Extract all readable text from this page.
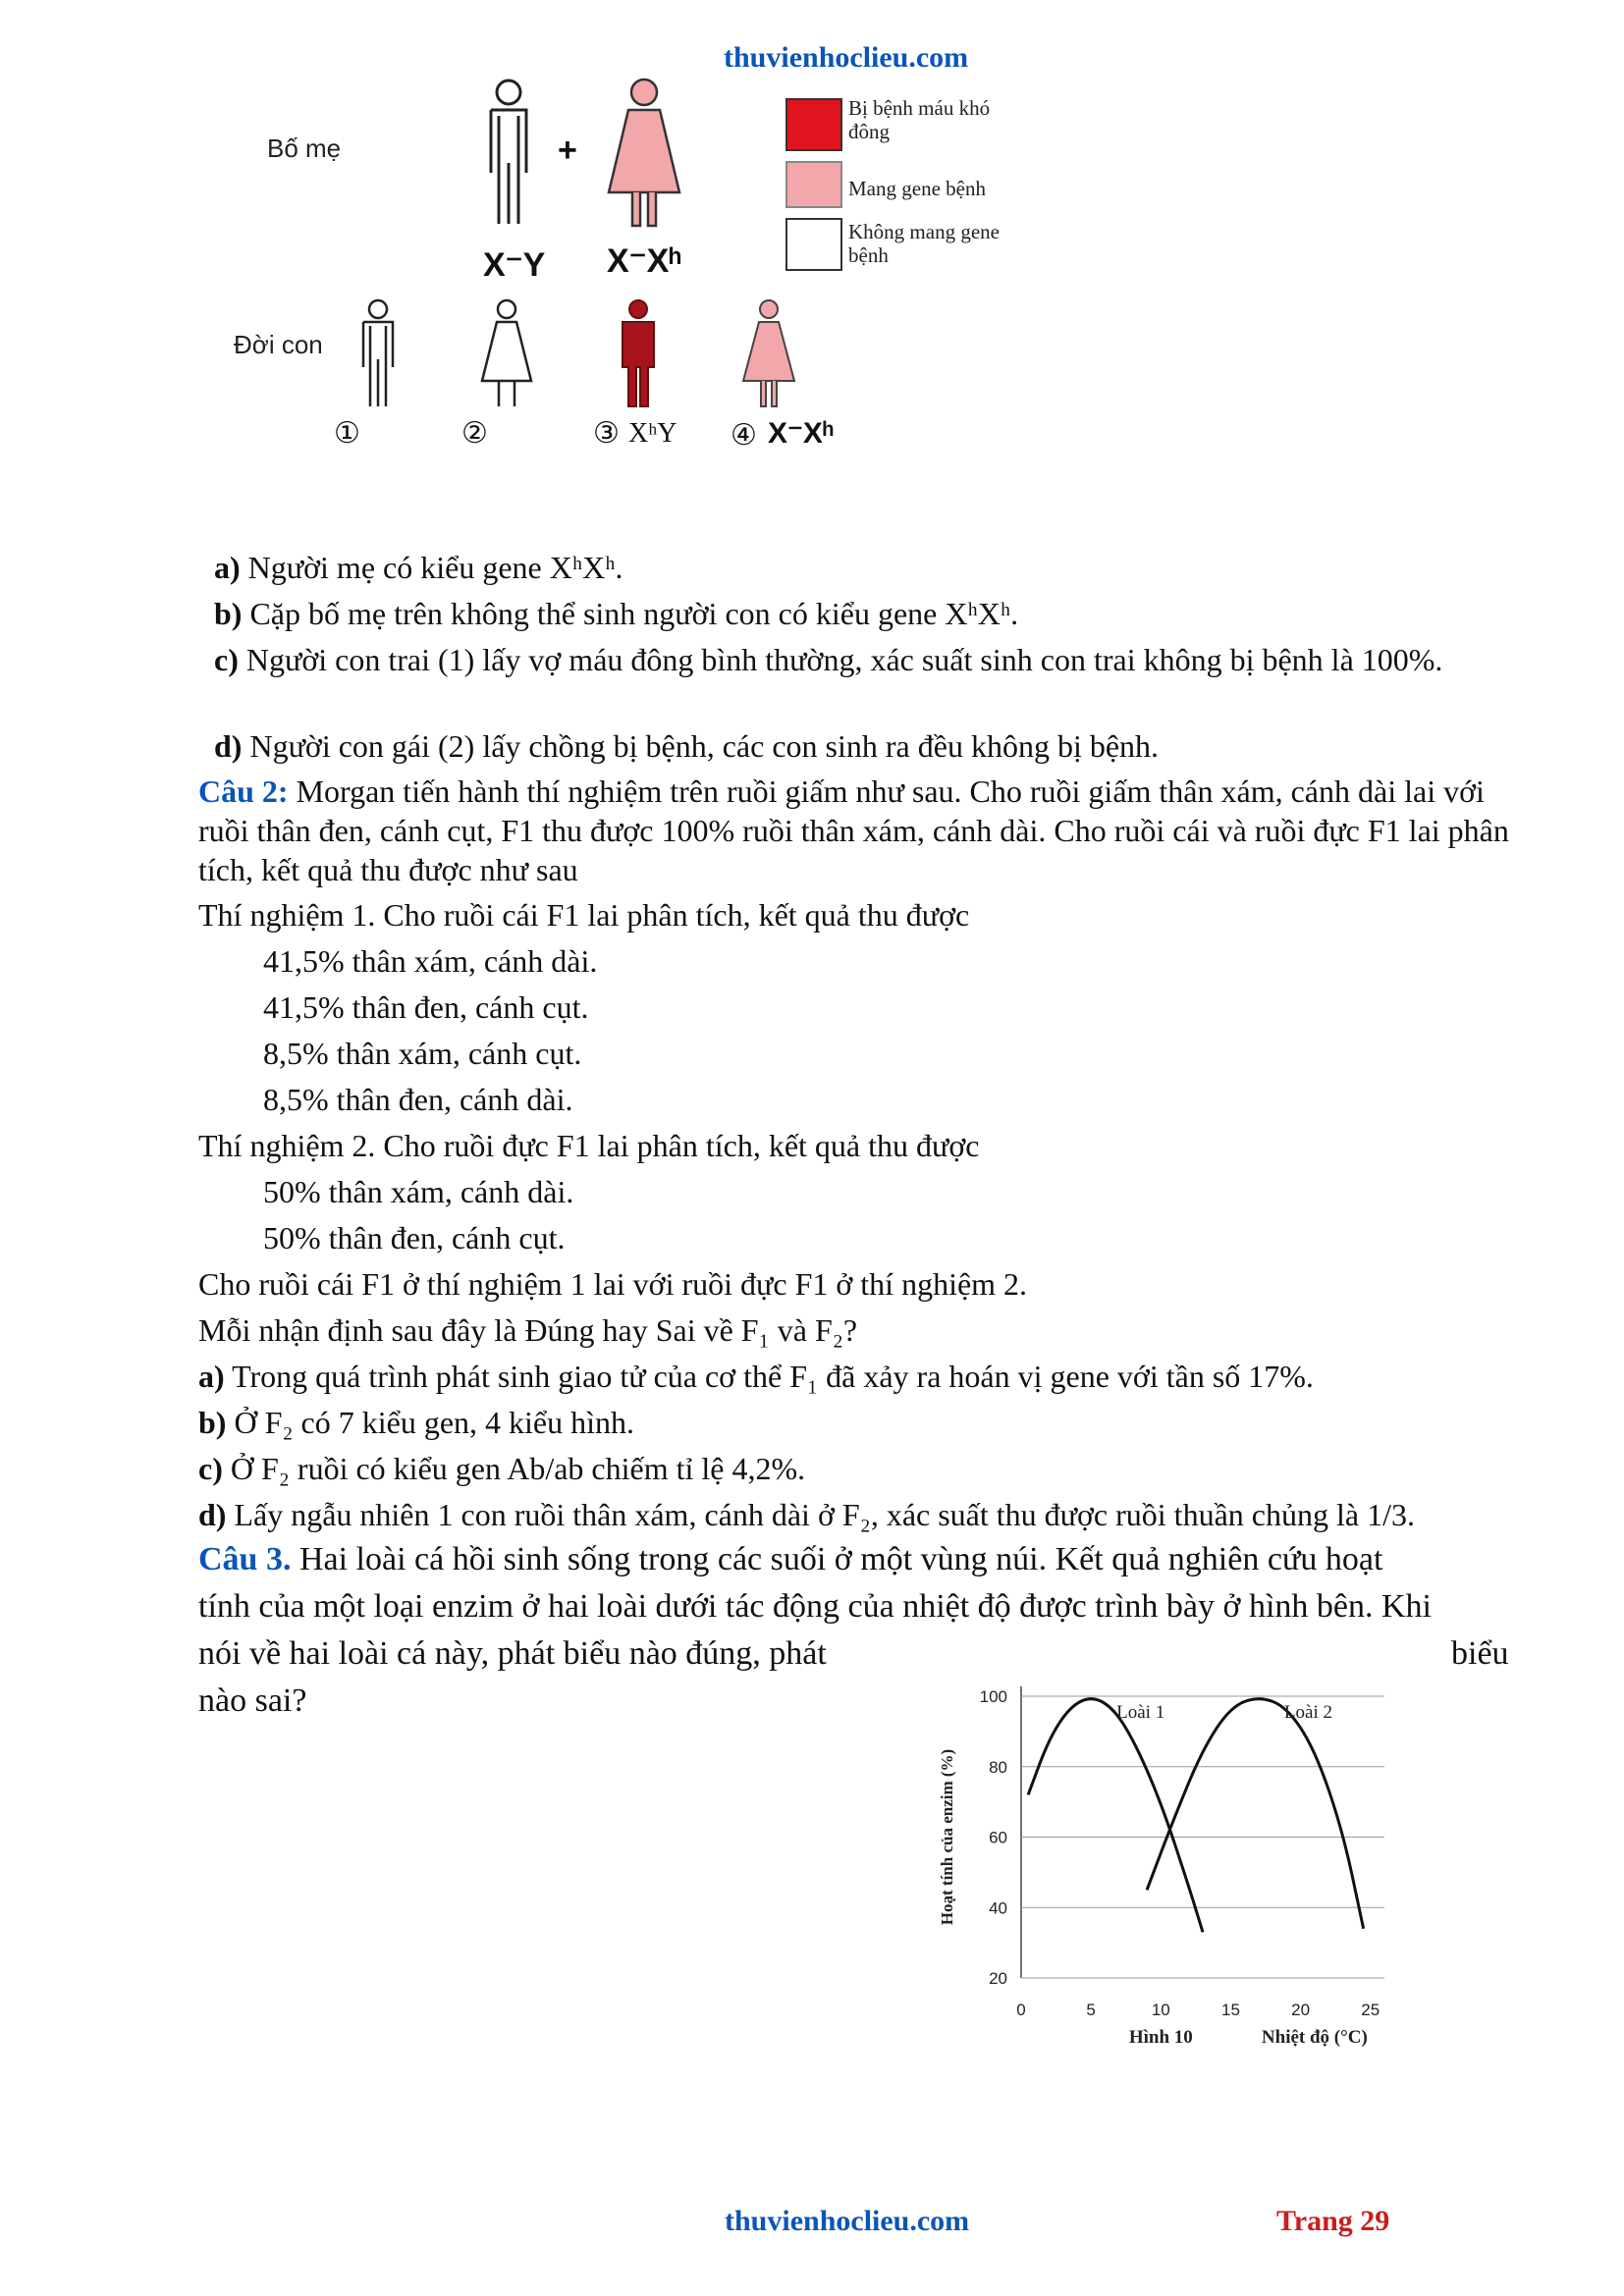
thuvienhoclieu.com
Bố mẹ
Đời con
+
X⁻Y X⁻Xʰ
Bị bệnh máu khó đông
Mang gene bệnh
Không mang gene bệnh
①	②	③ XʰY ④ X⁻Xʰ
a) Người mẹ có kiểu gene XʰXʰ.
b) Cặp bố mẹ trên không thể sinh người con có kiểu gene XʰXʰ.
c) Người con trai (1) lấy vợ máu đông bình thường, xác suất sinh con trai không bị bệnh là 100%.
d) Người con gái (2) lấy chồng bị bệnh, các con sinh ra đều không bị bệnh.
Câu 2: Morgan tiến hành thí nghiệm trên ruồi giấm như sau. Cho ruồi giấm thân xám, cánh dài lai với ruồi thân đen, cánh cụt, F1 thu được 100% ruồi thân xám, cánh dài. Cho ruồi cái và ruồi đực F1 lai phân tích, kết quả thu được như sau
Thí nghiệm 1. Cho ruồi cái F1 lai phân tích, kết quả thu được
41,5% thân xám, cánh dài.
41,5% thân đen, cánh cụt.
8,5% thân xám, cánh cụt.
8,5% thân đen, cánh dài.
Thí nghiệm 2. Cho ruồi đực F1 lai phân tích, kết quả thu được
50% thân xám, cánh dài.
50% thân đen, cánh cụt.
Cho ruồi cái F1 ở thí nghiệm 1 lai với ruồi đực F1 ở thí nghiệm 2.
Mỗi nhận định sau đây là Đúng hay Sai về F₁ và F₂?
a) Trong quá trình phát sinh giao tử của cơ thể F₁ đã xảy ra hoán vị gene với tần số 17%.
b) Ở F₂ có 7 kiểu gen, 4 kiểu hình.
c) Ở F₂ ruồi có kiểu gen Ab/ab chiếm tỉ lệ 4,2%.
d) Lấy ngẫu nhiên 1 con ruồi thân xám, cánh dài ở F₂, xác suất thu được ruồi thuần chủng là 1/3.
Câu 3. Hai loài cá hồi sinh sống trong các suối ở một vùng núi. Kết quả nghiên cứu hoạt
tính của một loại enzim ở hai loài dưới tác động của nhiệt độ được trình bày ở hình bên. Khi
nói về hai loài cá này, phát biểu nào đúng, phát	biểu
nào sai?
20
40
60
80
100
0	5	10	15	20	25
Loài 1	Loài 2
Hoạt tính của enzim (%)
Hình 10	Nhiệt độ (°C)
thuvienhoclieu.com	Trang 29
